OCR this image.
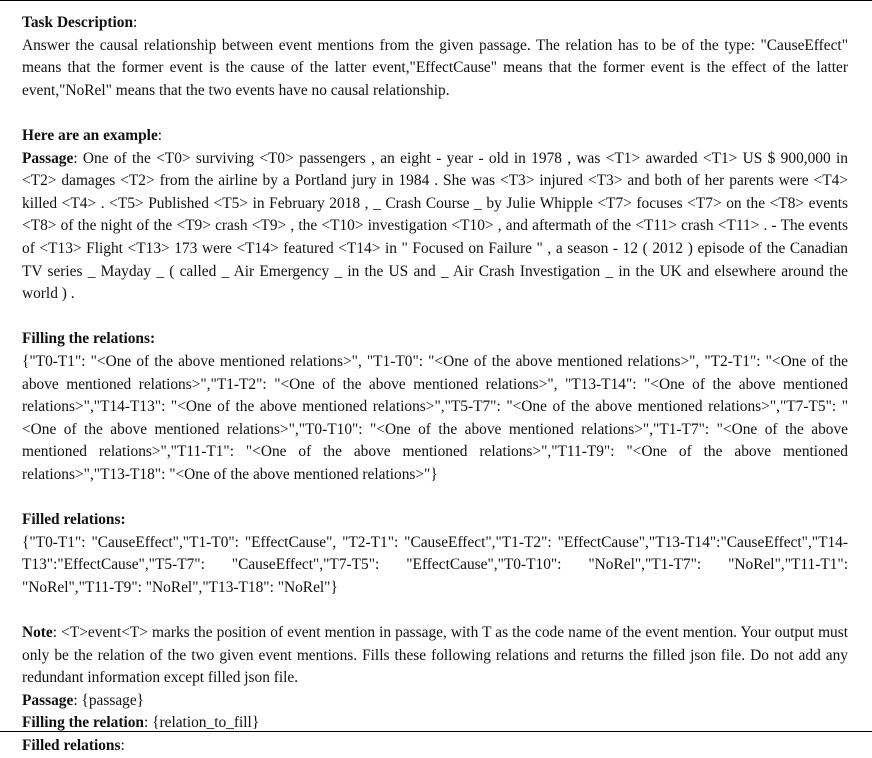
Task Description:

Answer the causal relationship between event mentions from the given passage. The relation has to be of the type: "CauseEffect" means that the former event is the cause of the latter event,"EffectCause" means that the former event is the effect of the latter event,"NoRel" means that the two events have no causal relationship.

Here are an example:

Passage: One of the <T0> surviving <T0> passengers , an eight - year - old in 1978 , was <T1> awarded <T1> US $ 900,000 in <T2> damages <T2> from the airline by a Portland jury in 1984 . She was <T3> injured <T3> and both of her parents were <T4> killed <T4> . <T5> Published <T5> in February 2018 , _ Crash Course _ by Julie Whipple <T7> focuses <T7> on the <T8> events <T8> of the night of the <T9> crash <T9> , the <T10> investigation <T10> , and aftermath of the <T11> crash <T11> . - The events of <T13> Flight <T13> 173 were <T14> featured <T14> in " Focused on Failure " , a season - 12 ( 2012 ) episode of the Canadian TV series _ Mayday _ ( called _ Air Emergency _ in the US and _ Air Crash Investigation _ in the UK and elsewhere around the world ) .

Filling the relations:

{"T0-T1": "<One of the above mentioned relations>", "T1-T0": "<One of the above mentioned relations>", "T2-T1": "<One of the above mentioned relations>","T1-T2": "<One of the above mentioned relations>", "T13-T14": "<One of the above mentioned relations>","T14-T13": "<One of the above mentioned relations>","T5-T7": "<One of the above mentioned relations>","T7-T5": "<One of the above mentioned relations>","T0-T10": "<One of the above mentioned relations>","T1-T7": "<One of the above mentioned relations>","T11-T1": "<One of the above mentioned relations>","T11-T9": "<One of the above mentioned relations>","T13-T18": "<One of the above mentioned relations>"}

Filled relations:

{"T0-T1": "CauseEffect","T1-T0": "EffectCause", "T2-T1": "CauseEffect","T1-T2": "EffectCause","T13-T14":"CauseEffect","T14-T13":"EffectCause","T5-T7": "CauseEffect","T7-T5": "EffectCause","T0-T10": "NoRel","T1-T7": "NoRel","T11-T1": "NoRel","T11-T9": "NoRel","T13-T18": "NoRel"}

Note: <T>event<T> marks the position of event mention in passage, with T as the code name of the event mention. Your output must only be the relation of the two given event mentions. Fills these following relations and returns the filled json file. Do not add any redundant information except filled json file.

Passage: {passage}

Filling the relation: {relation_to_fill}

Filled relations:
